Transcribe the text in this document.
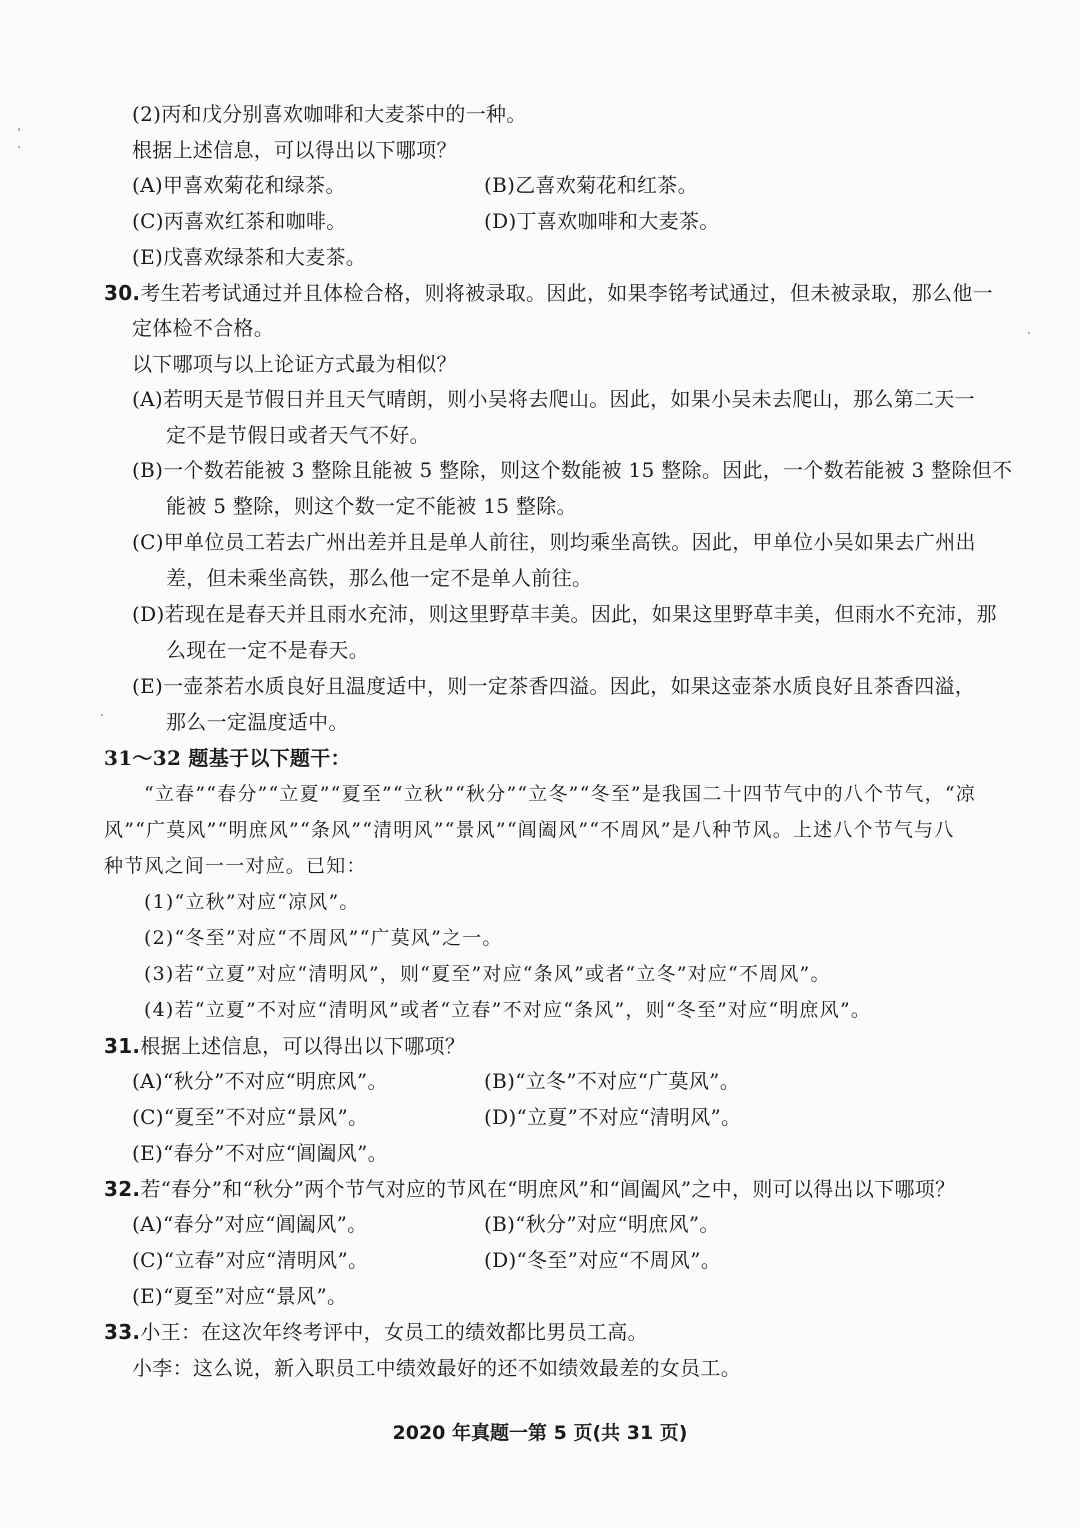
(2)丙和戊分别喜欢咖啡和大麦茶中的一种。
根据上述信息，可以得出以下哪项？
(A)甲喜欢菊花和绿茶。	(B)乙喜欢菊花和红茶。
(C)丙喜欢红茶和咖啡。	(D)丁喜欢咖啡和大麦茶。
(E)戊喜欢绿茶和大麦茶。
30.考生若考试通过并且体检合格，则将被录取。因此，如果李铭考试通过，但未被录取，那么他一
定体检不合格。
以下哪项与以上论证方式最为相似？
(A)若明天是节假日并且天气晴朗，则小吴将去爬山。因此，如果小吴未去爬山，那么第二天一
定不是节假日或者天气不好。
(B)一个数若能被 3 整除且能被 5 整除，则这个数能被 15 整除。因此，一个数若能被 3 整除但不
能被 5 整除，则这个数一定不能被 15 整除。
(C)甲单位员工若去广州出差并且是单人前往，则均乘坐高铁。因此，甲单位小吴如果去广州出
差，但未乘坐高铁，那么他一定不是单人前往。
(D)若现在是春天并且雨水充沛，则这里野草丰美。因此，如果这里野草丰美，但雨水不充沛，那
么现在一定不是春天。
(E)一壶茶若水质良好且温度适中，则一定茶香四溢。因此，如果这壶茶水质良好且茶香四溢，
那么一定温度适中。
31～32 题基于以下题干：
“立春”“春分”“立夏”“夏至”“立秋”“秋分”“立冬”“冬至”是我国二十四节气中的八个节气，“凉
风”“广莫风”“明庶风”“条风”“清明风”“景风”“阊阖风”“不周风”是八种节风。上述八个节气与八
种节风之间一一对应。已知：
(1)“立秋”对应“凉风”。
(2)“冬至”对应“不周风”“广莫风”之一。
(3)若“立夏”对应“清明风”，则“夏至”对应“条风”或者“立冬”对应“不周风”。
(4)若“立夏”不对应“清明风”或者“立春”不对应“条风”，则“冬至”对应“明庶风”。
31.根据上述信息，可以得出以下哪项？
(A)“秋分”不对应“明庶风”。	(B)“立冬”不对应“广莫风”。
(C)“夏至”不对应“景风”。	(D)“立夏”不对应“清明风”。
(E)“春分”不对应“阊阖风”。
32.若“春分”和“秋分”两个节气对应的节风在“明庶风”和“阊阖风”之中，则可以得出以下哪项？
(A)“春分”对应“阊阖风”。	(B)“秋分”对应“明庶风”。
(C)“立春”对应“清明风”。	(D)“冬至”对应“不周风”。
(E)“夏至”对应“景风”。
33.小王：在这次年终考评中，女员工的绩效都比男员工高。
小李：这么说，新入职员工中绩效最好的还不如绩效最差的女员工。
2020 年真题一第 5 页(共 31 页)
